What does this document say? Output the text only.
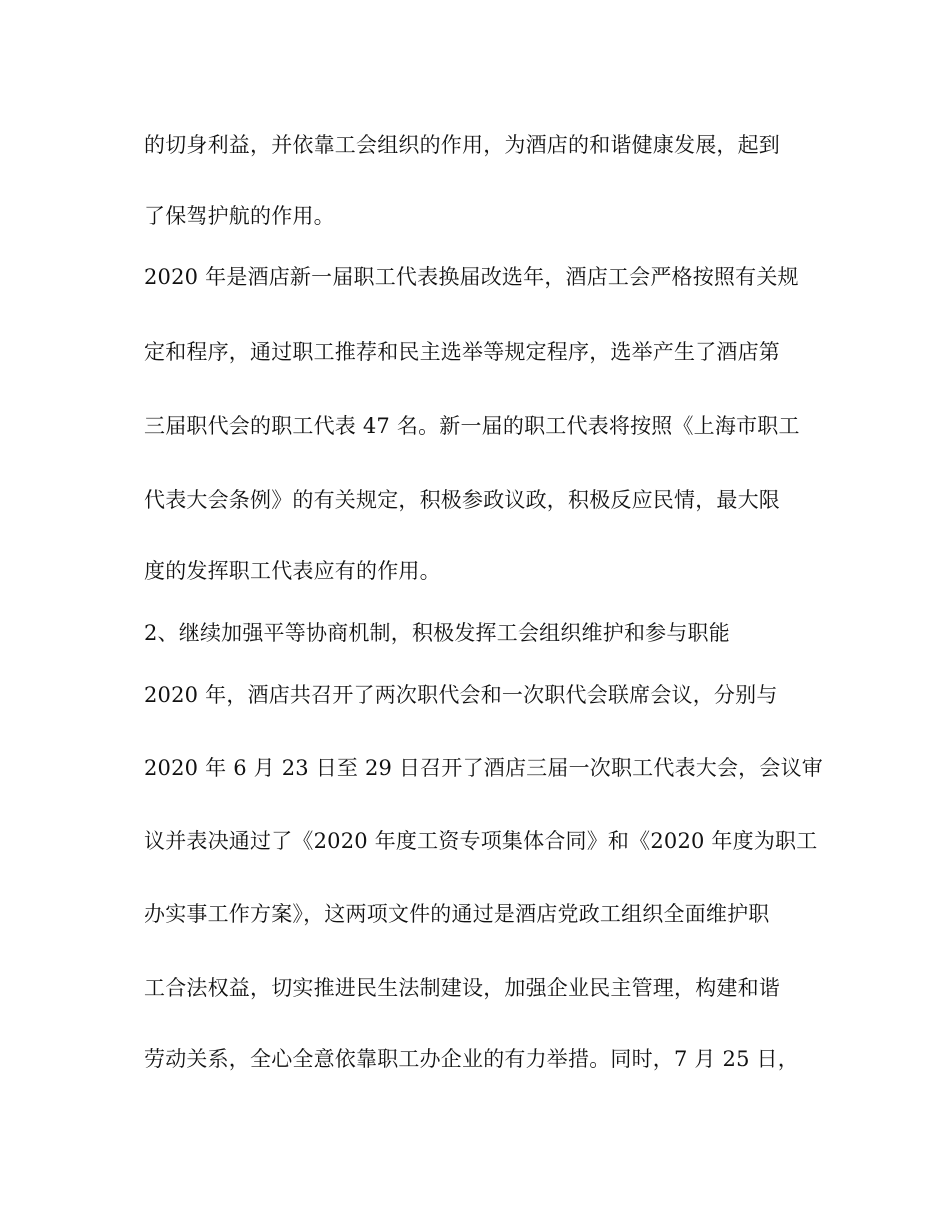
的切身利益，并依靠工会组织的作用，为酒店的和谐健康发展，起到
了保驾护航的作用。
2020 年是酒店新一届职工代表换届改选年，酒店工会严格按照有关规
定和程序，通过职工推荐和民主选举等规定程序，选举产生了酒店第
三届职代会的职工代表 47 名。新一届的职工代表将按照《上海市职工
代表大会条例》的有关规定，积极参政议政，积极反应民情，最大限
度的发挥职工代表应有的作用。
2、继续加强平等协商机制，积极发挥工会组织维护和参与职能
2020 年，酒店共召开了两次职代会和一次职代会联席会议，分别与
2020 年 6 月 23 日至 29 日召开了酒店三届一次职工代表大会，会议审
议并表决通过了《2020 年度工资专项集体合同》和《2020 年度为职工
办实事工作方案》，这两项文件的通过是酒店党政工组织全面维护职
工合法权益，切实推进民生法制建设，加强企业民主管理，构建和谐
劳动关系，全心全意依靠职工办企业的有力举措。同时，7 月 25 日，
